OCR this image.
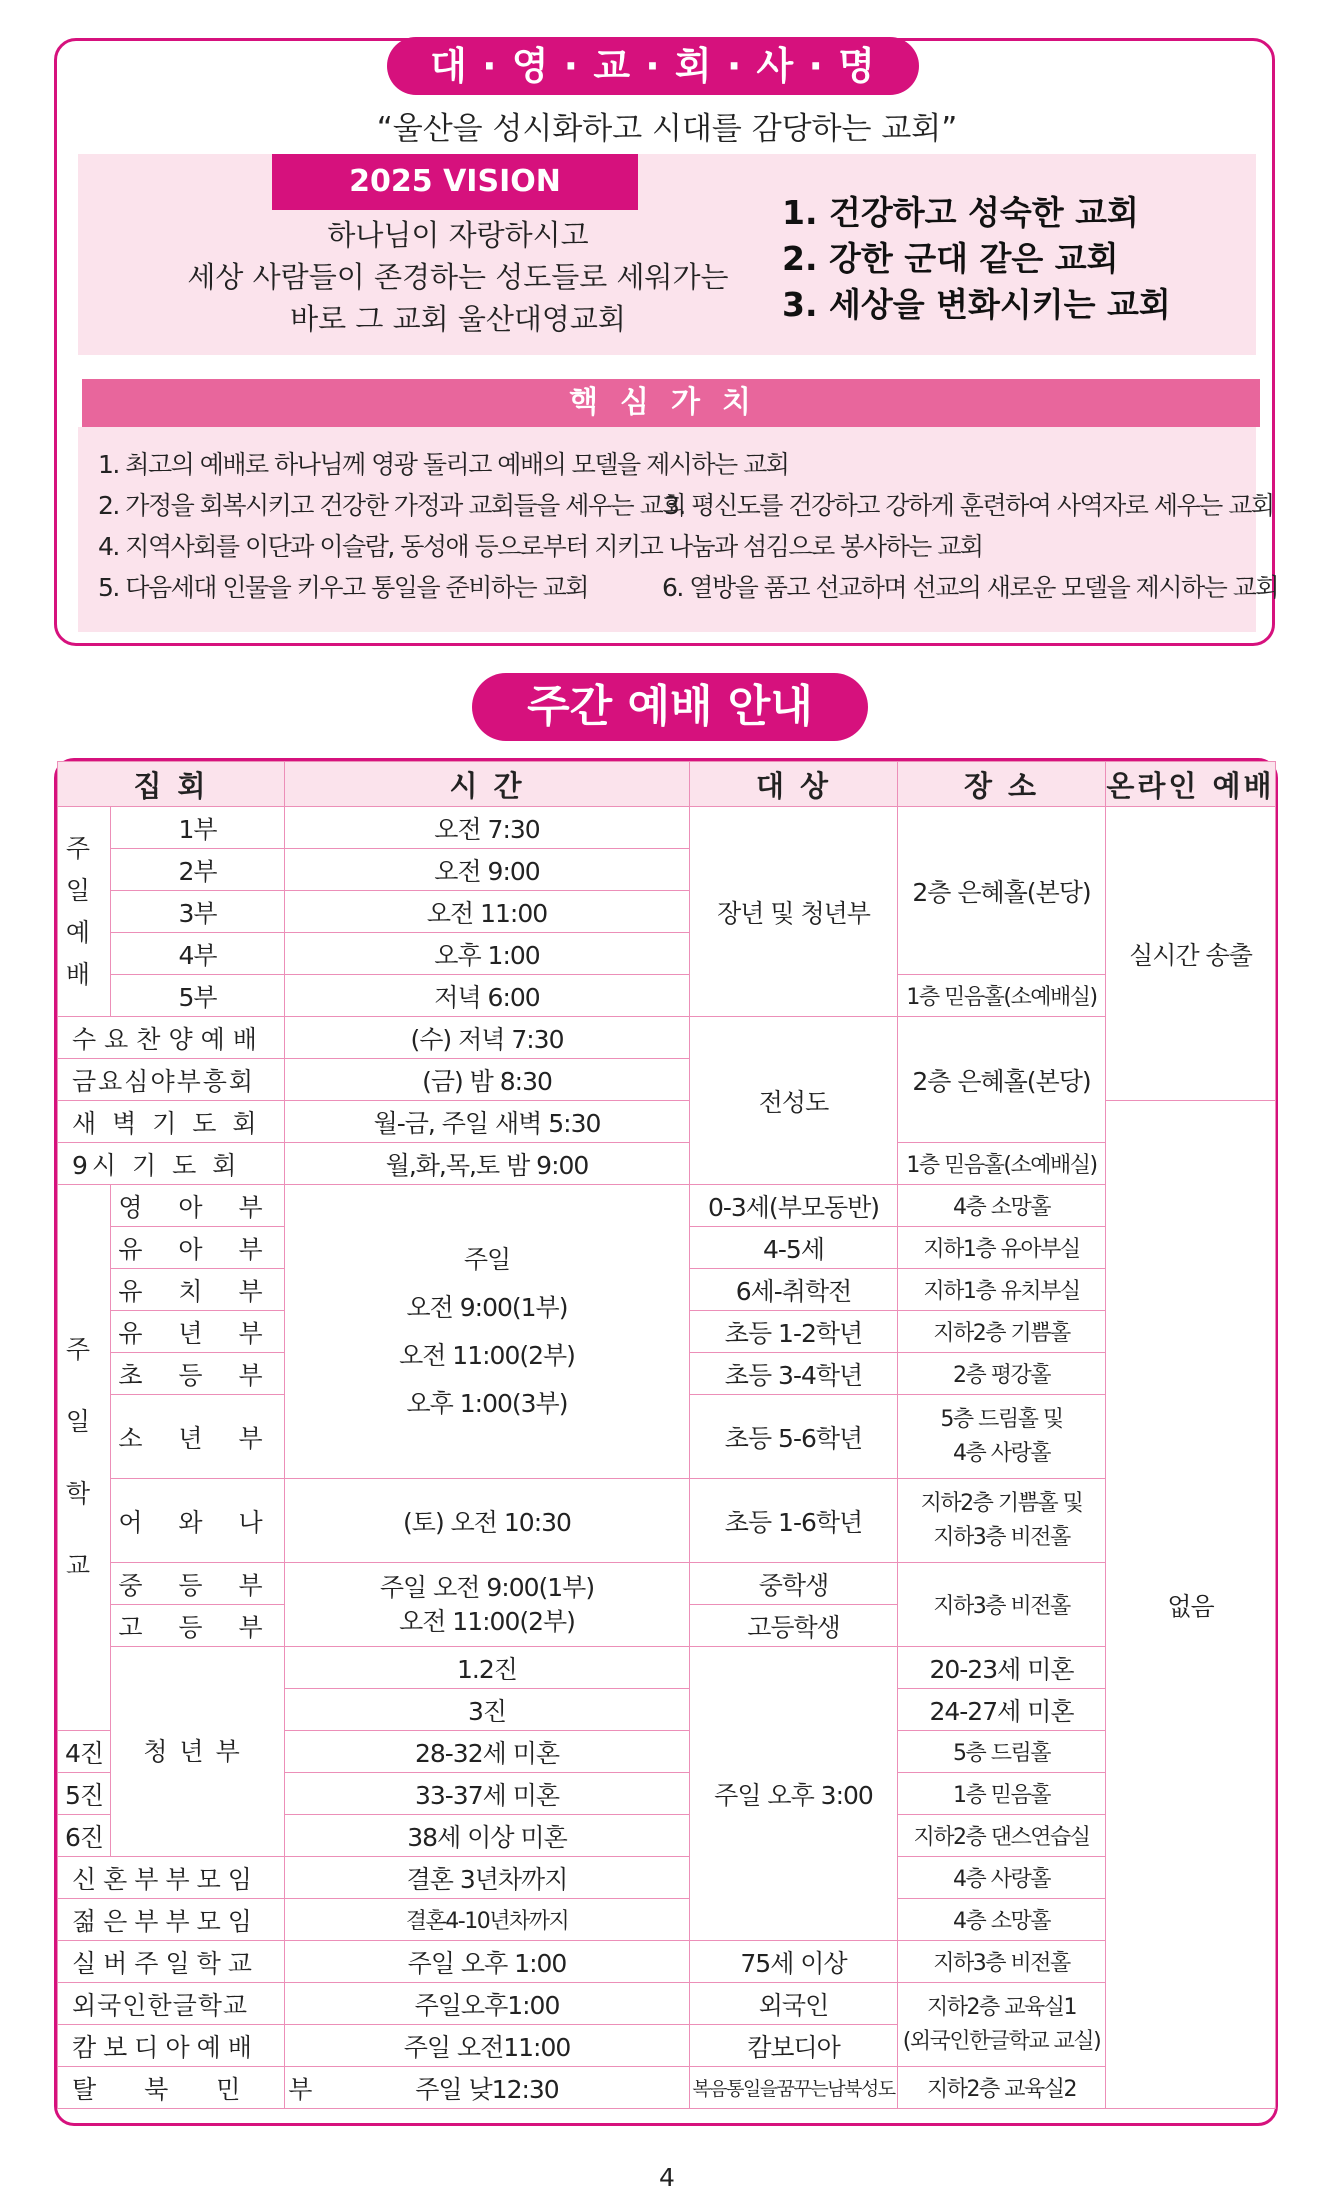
대 · 영 · 교 · 회 · 사 · 명
“울산을 성시화하고 시대를 감당하는 교회”
2025 VISION
하나님이 자랑하시고
세상 사람들이 존경하는 성도들로 세워가는
바로 그 교회 울산대영교회
1. 건강하고 성숙한 교회
2. 강한 군대 같은 교회
3. 세상을 변화시키는 교회
핵심가치
1. 최고의 예배로 하나님께 영광 돌리고 예배의 모델을 제시하는 교회
2. 가정을 회복시키고 건강한 가정과 교회들을 세우는 교회
3. 평신도를 건강하고 강하게 훈련하여 사역자로 세우는 교회
4. 지역사회를 이단과 이슬람, 동성애 등으로부터 지키고 나눔과 섬김으로 봉사하는 교회
5. 다음세대 인물을 키우고 통일을 준비하는 교회	6. 열방을 품고 선교하며 선교의 새로운 모델을 제시하는 교회
주간 예배 안내
집 회		시 간	대 상	장 소	온라인 예배	
주일예배	1부	오전 7:30	장년 및 청년부	2층 은혜홀(본당)	실시간 송출	
	2부	오전 9:00				
	3부	오전 11:00				
	4부	오후 1:00				
	5부	저녁 6:00		1층 믿음홀(소예배실)		
수요찬양예배		(수) 저녁 7:30	전성도	2층 은혜홀(본당)		
금요심야부흥회		(금) 밤 8:30				
새 벽 기 도 회		월-금, 주일 새벽 5:30			없음	
9시 기 도 회		월,화,목,토 밤 9:00		1층 믿음홀(소예배실)		
주일학교	영 아 부	주일
오전 9:00(1부)
오전 11:00(2부)
오후 1:00(3부)	0-3세(부모동반)	4층 소망홀		
	유 아 부		4-5세	지하1층 유아부실		
	유 치 부		6세-취학전	지하1층 유치부실		
	유 년 부		초등 1-2학년	지하2층 기쁨홀		
	초 등 부		초등 3-4학년	2층 평강홀		
	소 년 부		초등 5-6학년	5층 드림홀 및
4층 사랑홀		

	어 와 나	(토) 오전 10:30	초등 1-6학년	지하2층 기쁨홀 및
지하3층 비전홀		

	중 등 부	주일 오전 9:00(1부)
오전 11:00(2부)	중학생	지하3층 비전홀		
	고 등 부		고등학생			
	청년부	1.2진	주일 오후 3:00	20-23세 미혼	
		3진		24-27세 미혼	
4진		28-32세 미혼		5층 드림홀		
5진		33-37세 미혼		1층 믿음홀		
6진		38세 이상 미혼		지하2층 댄스연습실		
신혼부부모임		결혼 3년차까지		4층 사랑홀		
젊은부부모임		결혼4-10년차까지		4층 소망홀		
실버주일학교		주일 오후 1:00	75세 이상	지하3층 비전홀		
외국인한글학교		주일오후1:00	외국인	지하2층 교육실1
(외국인한글학교 교실)		

캄보디아예배		주일 오전11:00	캄보디아			
탈 북 민 부		주일 낮12:30	복음통일을꿈꾸는남북성도	지하2층 교육실2		
4
